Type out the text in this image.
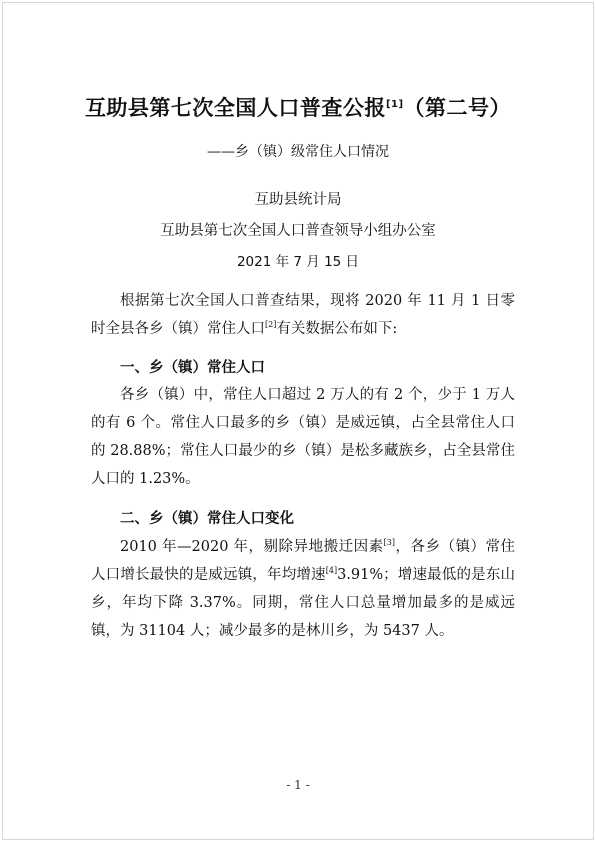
互助县第七次全国人口普查公报[1]（第二号）
——乡（镇）级常住人口情况
互助县统计局
互助县第七次全国人口普查领导小组办公室
2021 年 7 月 15 日
根据第七次全国人口普查结果，现将 2020 年 11 月 1 日零时全县各乡（镇）常住人口[2]有关数据公布如下:
一、乡（镇）常住人口
各乡（镇）中，常住人口超过 2 万人的有 2 个，少于 1 万人的有 6 个。常住人口最多的乡（镇）是威远镇，占全县常住人口的 28.88%；常住人口最少的乡（镇）是松多藏族乡，占全县常住人口的 1.23%。
二、乡（镇）常住人口变化
2010 年—2020 年，剔除异地搬迁因素[3]，各乡（镇）常住人口增长最快的是威远镇，年均增速[4]3.91%；增速最低的是东山乡，年均下降 3.37%。同期，常住人口总量增加最多的是威远镇，为 31104 人；减少最多的是林川乡，为 5437 人。
- 1 -
